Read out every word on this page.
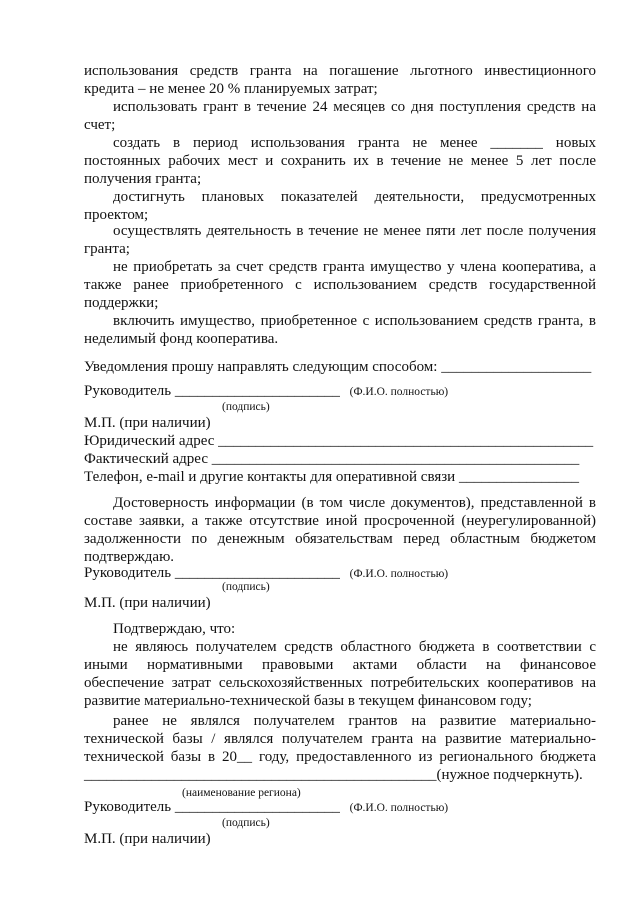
использования средств гранта на погашение льготного инвестиционного
кредита – не менее 20 % планируемых затрат;
использовать грант в течение 24 месяцев со дня поступления средств на
счет;
создать в период использования гранта не менее _______ новых
постоянных рабочих мест и сохранить их в течение не менее 5 лет после
получения гранта;
достигнуть плановых показателей деятельности, предусмотренных
проектом;
осуществлять деятельность в течение не менее пяти лет после получения
гранта;
не приобретать за счет средств гранта имущество у члена кооператива, а
также ранее приобретенного с использованием средств государственной
поддержки;
включить имущество, приобретенное с использованием средств гранта, в
неделимый фонд кооператива.
Уведомления прошу направлять следующим способом: ____________________
Руководитель ______________________ (Ф.И.О. полностью)
(подпись)
М.П. (при наличии)
Юридический адрес __________________________________________________
Фактический адрес _________________________________________________
Телефон, e-mail и другие контакты для оперативной связи ________________
Достоверность информации (в том числе документов), представленной в
составе заявки, а также отсутствие иной просроченной (неурегулированной)
задолженности по денежным обязательствам перед областным бюджетом
подтверждаю.
Руководитель ______________________ (Ф.И.О. полностью)
(подпись)
М.П. (при наличии)
Подтверждаю, что:
не являюсь получателем средств областного бюджета в соответствии с
иными нормативными правовыми актами области на финансовое
обеспечение затрат сельскохозяйственных потребительских кооперативов на
развитие материально-технической базы в текущем финансовом году;
ранее не являлся получателем грантов на развитие материально-
технической базы / являлся получателем гранта на развитие материально-
технической базы в 20__ году, предоставленного из регионального бюджета
_______________________________________________(нужное подчеркнуть).
(наименование региона)
Руководитель ______________________ (Ф.И.О. полностью)
(подпись)
М.П. (при наличии)
